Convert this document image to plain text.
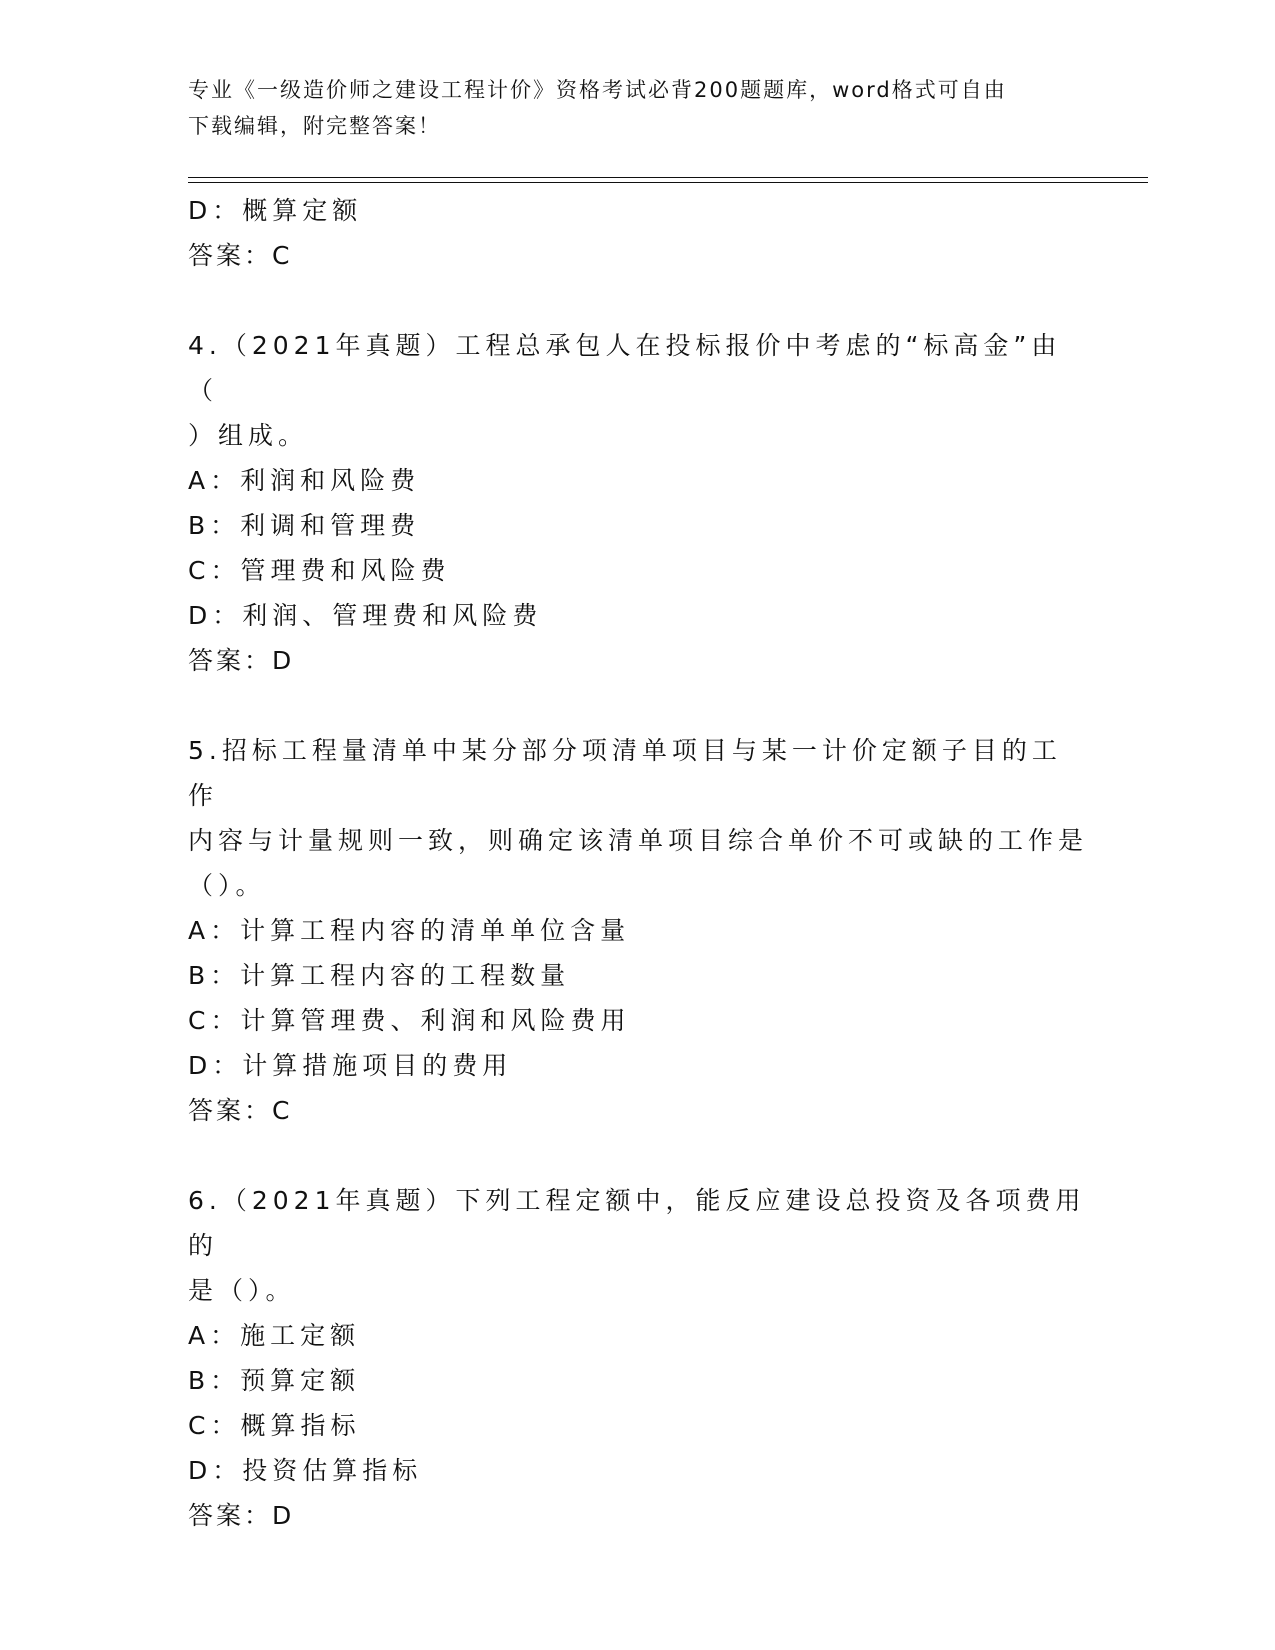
专业《一级造价师之建设工程计价》资格考试必背200题题库，word格式可自由
下载编辑，附完整答案！
D：概算定额
答案：C
4.（2021年真题）工程总承包人在投标报价中考虑的“标高金”由（
）组成。
A：利润和风险费
B：利调和管理费
C：管理费和风险费
D：利润、管理费和风险费
答案：D
5.招标工程量清单中某分部分项清单项目与某一计价定额子目的工作
内容与计量规则一致，则确定该清单项目综合单价不可或缺的工作是
（）。
A：计算工程内容的清单单位含量
B：计算工程内容的工程数量
C：计算管理费、利润和风险费用
D：计算措施项目的费用
答案：C
6.（2021年真题）下列工程定额中，能反应建设总投资及各项费用的
是（）。
A：施工定额
B：预算定额
C：概算指标
D：投资估算指标
答案：D
